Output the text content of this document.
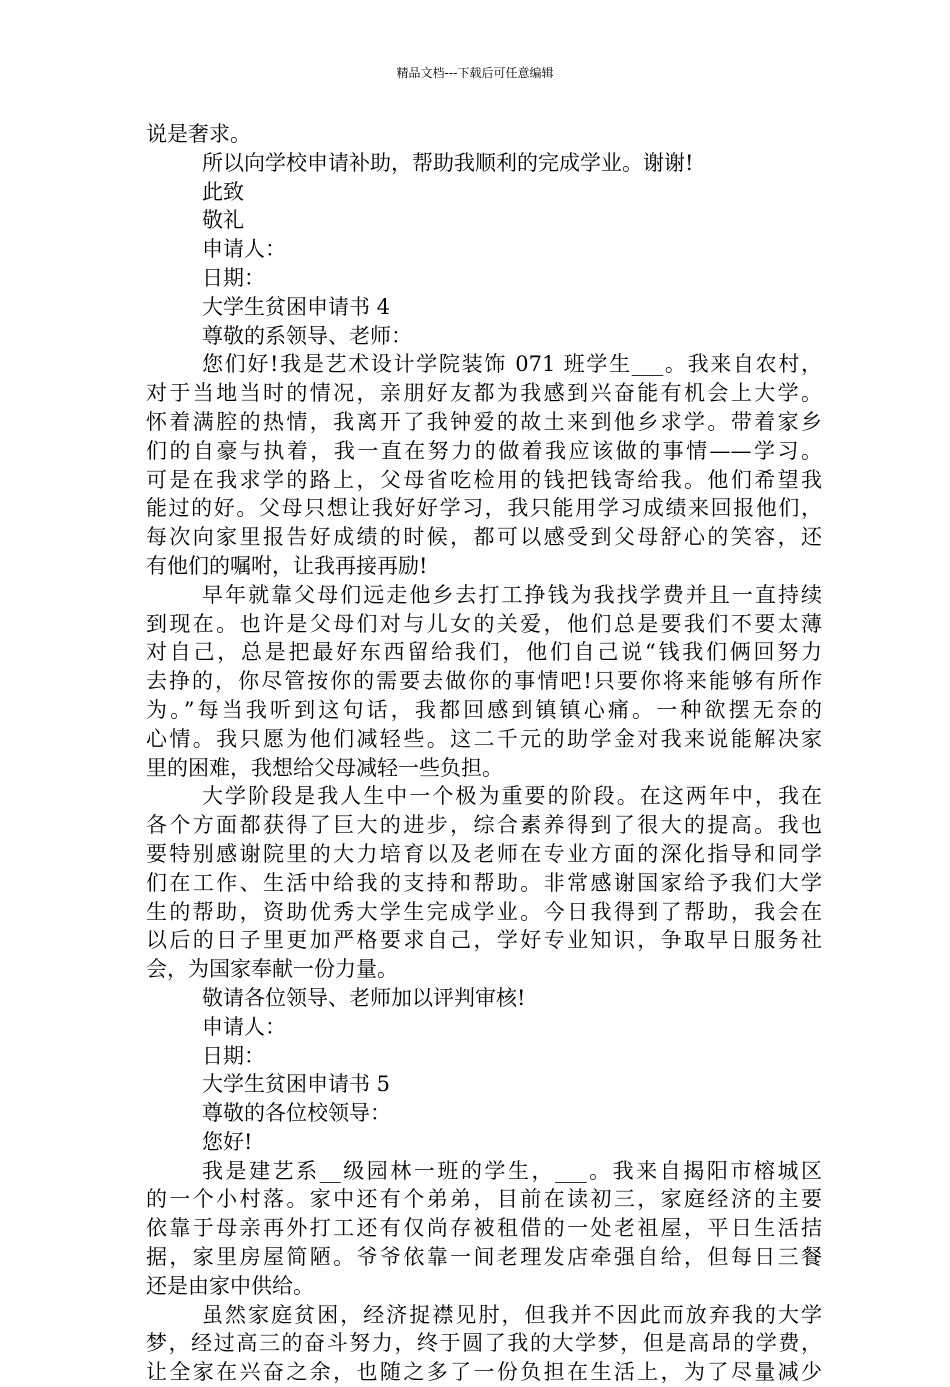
精品文档---下载后可任意编辑

说是奢求。

所以向学校申请补助，帮助我顺利的完成学业。谢谢!

此致

敬礼

申请人：

日期：

大学生贫困申请书 4

尊敬的系领导、老师：

您们好!我是艺术设计学院装饰 071 班学生___。我来自农村，

对于当地当时的情况，亲朋好友都为我感到兴奋能有机会上大学。

怀着满腔的热情，我离开了我钟爱的故土来到他乡求学。带着家乡

们的自豪与执着，我一直在努力的做着我应该做的事情——学习。

可是在我求学的路上，父母省吃检用的钱把钱寄给我。他们希望我

能过的好。父母只想让我好好学习，我只能用学习成绩来回报他们，

每次向家里报告好成绩的时候，都可以感受到父母舒心的笑容，还

有他们的嘱咐，让我再接再励!

早年就靠父母们远走他乡去打工挣钱为我找学费并且一直持续

到现在。也许是父母们对与儿女的关爱，他们总是要我们不要太薄

对自己，总是把最好东西留给我们，他们自己说“钱我们俩回努力

去挣的，你尽管按你的需要去做你的事情吧!只要你将来能够有所作

为。”每当我听到这句话，我都回感到镇镇心痛。一种欲摆无奈的

心情。我只愿为他们减轻些。这二千元的助学金对我来说能解决家

里的困难，我想给父母减轻一些负担。

大学阶段是我人生中一个极为重要的阶段。在这两年中，我在

各个方面都获得了巨大的进步，综合素养得到了很大的提高。我也

要特别感谢院里的大力培育以及老师在专业方面的深化指导和同学

们在工作、生活中给我的支持和帮助。非常感谢国家给予我们大学

生的帮助，资助优秀大学生完成学业。今日我得到了帮助，我会在

以后的日子里更加严格要求自己，学好专业知识，争取早日服务社

会，为国家奉献一份力量。

敬请各位领导、老师加以评判审核!

申请人：

日期：

大学生贫困申请书 5

尊敬的各位校领导：

您好!

我是建艺系__级园林一班的学生，___。我来自揭阳市榕城区

的一个小村落。家中还有个弟弟，目前在读初三，家庭经济的主要

依靠于母亲再外打工还有仅尚存被租借的一处老祖屋，平日生活拮

据，家里房屋简陋。爷爷依靠一间老理发店牵强自给，但每日三餐

还是由家中供给。

虽然家庭贫困，经济捉襟见肘，但我并不因此而放弃我的大学

梦，经过高三的奋斗努力，终于圆了我的大学梦，但是高昂的学费，

让全家在兴奋之余，也随之多了一份负担在生活上，为了尽量减少
